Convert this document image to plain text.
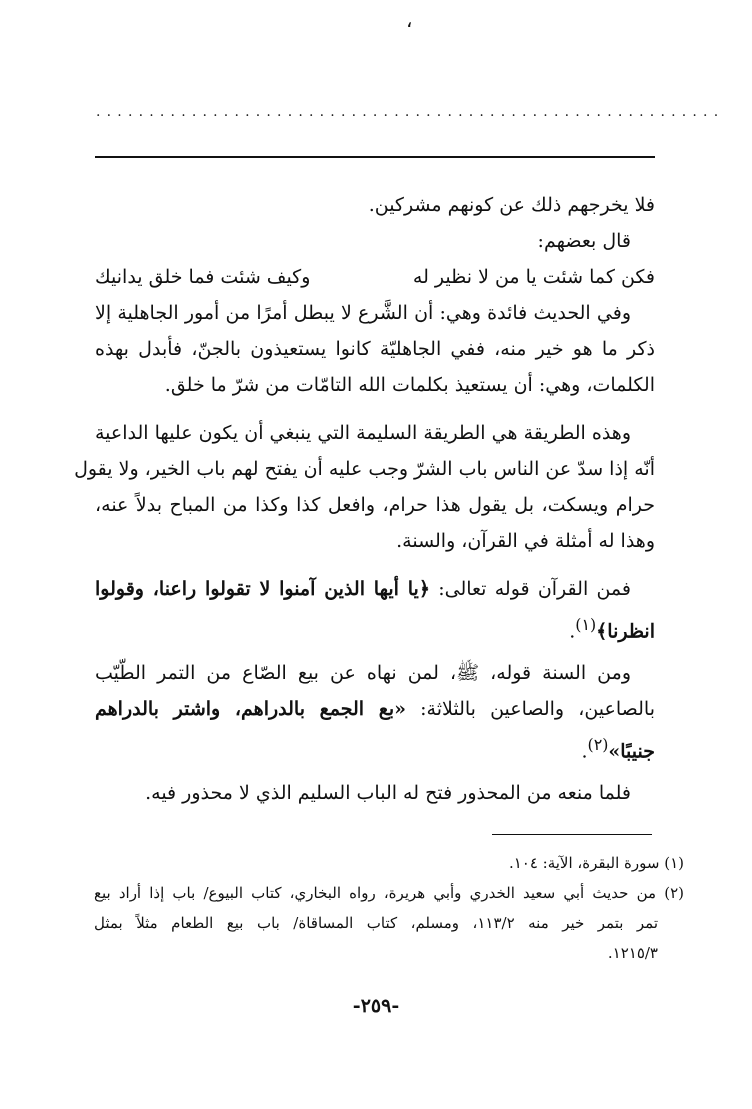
،
...........................................................
فلا يخرجهم ذلك عن كونهم مشركين.
قال بعضهم:
فكن كما شئت يا من لا نظير له
وكيف شئت فما خلق يدانيك
وفي الحديث فائدة وهي: أن الشَّرع لا يبطل أمرًا من أمور الجاهلية إلا
ذكر ما هو خير منه، ففي الجاهليّة كانوا يستعيذون بالجنّ، فأبدل بهذه
الكلمات، وهي: أن يستعيذ بكلمات الله التامّات من شرّ ما خلق.
وهذه الطريقة هي الطريقة السليمة التي ينبغي أن يكون عليها الداعية
أنّه إذا سدّ عن الناس باب الشرّ وجب عليه أن يفتح لهم باب الخير، ولا يقول
حرام ويسكت، بل يقول هذا حرام، وافعل كذا وكذا من المباح بدلاً عنه،
وهذا له أمثلة في القرآن، والسنة.
فمن القرآن قوله تعالى: ﴿يا أيها الذين آمنوا لا تقولوا راعنا، وقولوا
انظرنا﴾$^{(١)}$.
ومن السنة قوله، ﷺ، لمن نهاه عن بيع الصّاع من التمر الطّيّب
بالصاعين، والصاعين بالثلاثة: «بع الجمع بالدراهم، واشتر بالدراهم
جنيبًا»$^{(٢)}$.
فلما منعه من المحذور فتح له الباب السليم الذي لا محذور فيه.
(١) سورة البقرة، الآية: ١٠٤.
(٢) من حديث أبي سعيد الخدري وأبي هريرة، رواه البخاري، كتاب البيوع/ باب إذا أراد بيع
تمر بتمر خير منه ١١٣/٢، ومسلم، كتاب المساقاة/ باب بيع الطعام مثلاً بمثل
١٢١٥/٣.
-٢٥٩-
